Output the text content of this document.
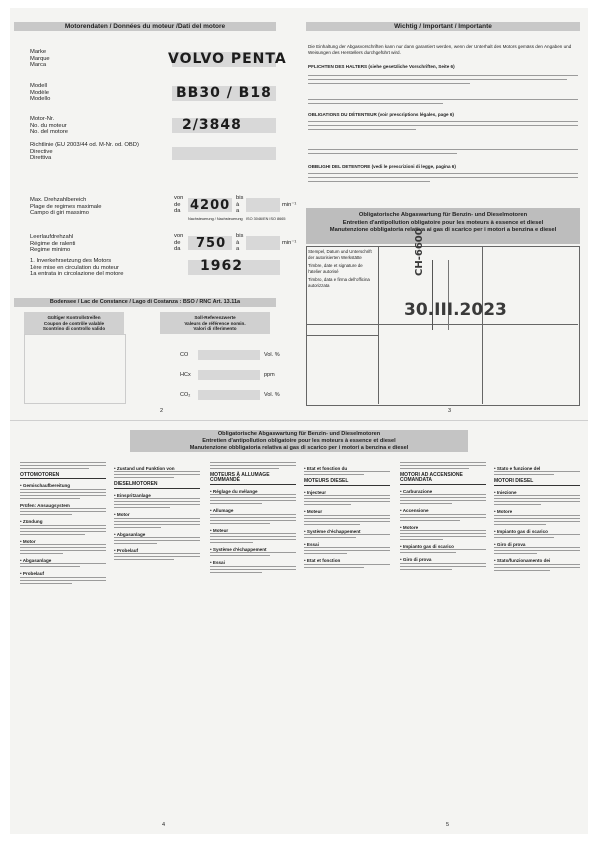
Motorendaten / Données du moteur /Dati del motore
Marke
Marque
Marca	VOLVO PENTA
Modell
Modèle
Modello	BB30 / B18
Motor-Nr.
No. du moteur
No. del motore	2/3848
Richtlinie (EU 2003/44 od. M-Nr. od. OBD)
Directive
Direttiva
Max. Drehzahlbereich
Plage de regimes maximale
Campo di giri massimo
von
de
da 4200 bis
à
a
min⁻¹
Nachsteuerung / Nachsteuerung ISO 3046/EN ISO 8665
Leerlaufdrehzahl
Régime de ralenti
Regime minimo
von
de
da 750 bis
à
a
min⁻¹
1. Inverkehrsetzung des Motors
1ère mise en circulation du moteur
1a entrata in circolazione del motore
1962
Bodensee / Lac de Constance / Lago di Costanza : BSO / RNC Art. 13.11a
Gültiger Kontrollstreifen
Coupon de contrôle valable
Scontrino di controllo valido
Soll-Referenzwerte
Valeurs de référence nomin.
Valori di riferimento
CO	Vol. %
HCx	ppm
CO₂	Vol. %
2
Wichtig / Important / Importante
Die Einhaltung der Abgasvorschriften kann nur dann garantiert werden, wenn der Unterhalt des Motors gemäss den Angaben und Weisungen des Herstellers durchgeführt wird.
PFLICHTEN DES HALTERS (siehe gesetzliche Vorschriften, Seite 6)
OBLIGATIONS DU DÉTENTEUR (voir prescriptions légales, page 6)
OBBLIGHI DEL DETENTORE (vedi le prescrizioni di legge, pagina 6)
Obligatorische Abgaswartung für Benzin- und Dieselmotoren
Entretien d'antipollution obligatoire pour les moteurs à essence et diesel
Manutenzione obbligatoria relativa ai gas di scarico per i motori a benzina e diesel
Stempel, Datum und Unterschrift der autorisierten Werkstätte
Timbre, date et signature de l'atelier autorisé
Timbro, data e firma dell'officina autorizzata
CH-6600
30.III.2023
3
Obligatorische Abgaswartung für Benzin- und Dieselmotoren
Entretien d'antipollution obligatoire pour les moteurs à essence et diesel
Manutenzione obbligatoria relativa ai gas di scarico per i motori a benzina e diesel
OTTOMOTOREN
• Gemischaufbereitung
Prüfen: Ansaugsystem
• Zündung
• Motor
• Abgasanlage
• Probelauf
• Zustand und Funktion von
DIESELMOTOREN
• Einspritzanlage
• Motor
• Abgasanlage
• Probelauf
MOTEURS À ALLUMAGE COMMANDÉ
• Réglage du mélange
• Allumage
• Moteur
• Système d'échappement
• Essai
• Etat et fonction du
MOTEURS DIESEL
• Injecteur
• Moteur
• Système d'échappement
• Essai
• Etat et fonction
MOTORI AD ACCENSIONE COMANDATA
• Carburazione
• Accensione
• Motore
• Impianto gas di scarico
• Giro di prova
• Stato e funzione del
MOTORI DIESEL
• Iniezione
• Motore
• Impianto gas di scarico
• Giro di prova
• Stato/funzionamento dei
4	5
